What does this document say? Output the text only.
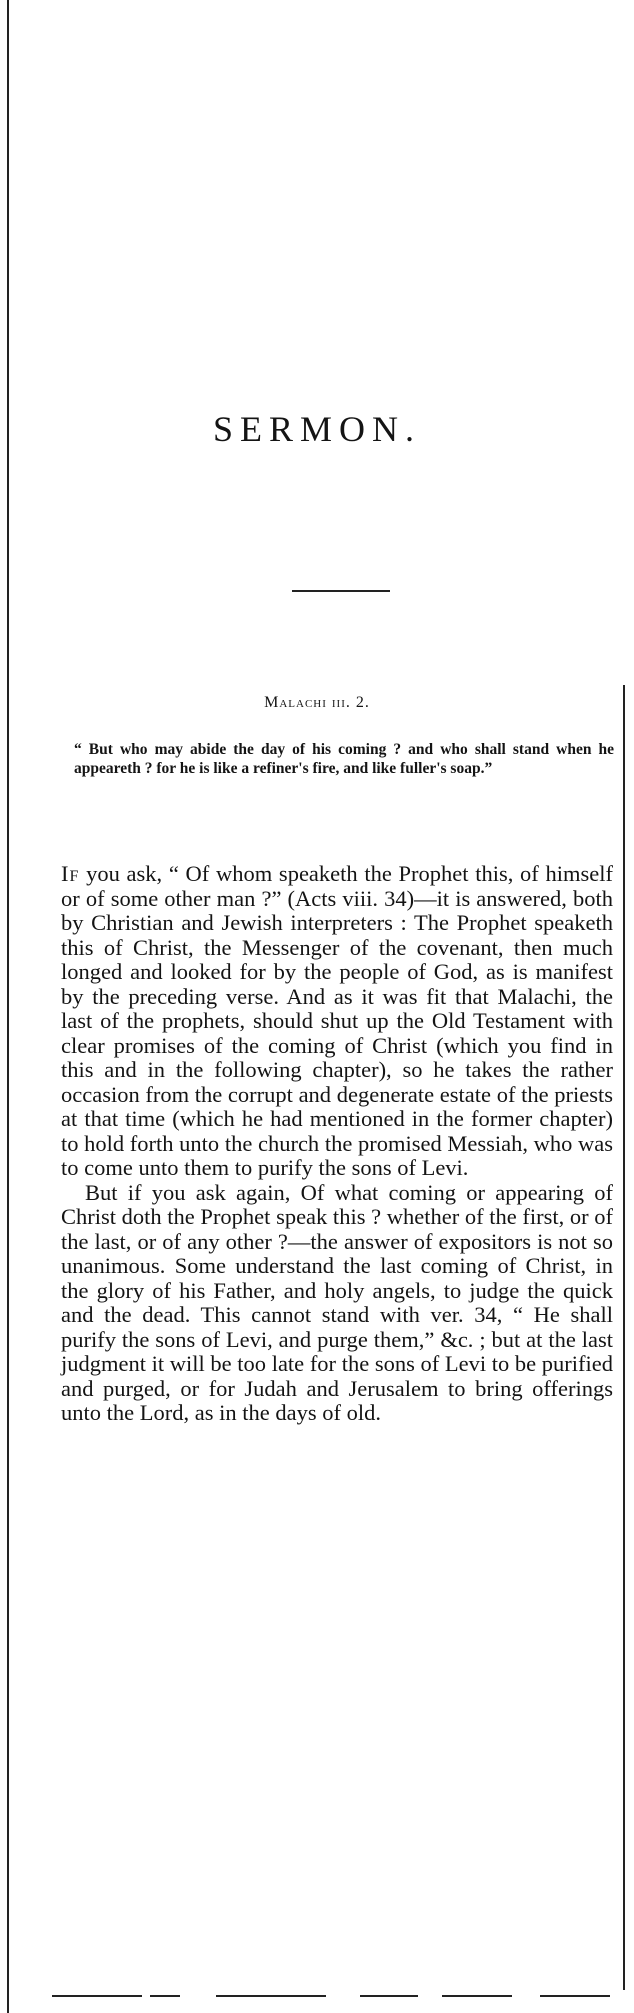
SERMON.
Malachi iii. 2.

“ But who may abide the day of his coming ? and who shall stand when he appeareth ? for he is like a refiner's fire, and like fuller's soap.”

If you ask, “ Of whom speaketh the Prophet this, of himself or of some other man ?” (Acts viii. 34)—it is answered, both by Christian and Jewish interpreters : The Prophet speaketh this of Christ, the Messenger of the covenant, then much longed and looked for by the people of God, as is manifest by the preceding verse. And as it was fit that Malachi, the last of the prophets, should shut up the Old Testament with clear promises of the coming of Christ (which you find in this and in the following chapter), so he takes the rather occasion from the corrupt and degenerate estate of the priests at that time (which he had mentioned in the former chapter) to hold forth unto the church the promised Messiah, who was to come unto them to purify the sons of Levi.

But if you ask again, Of what coming or appearing of Christ doth the Prophet speak this ? whether of the first, or of the last, or of any other ?—the answer of expositors is not so unanimous. Some understand the last coming of Christ, in the glory of his Father, and holy angels, to judge the quick and the dead. This cannot stand with ver. 34, “ He shall purify the sons of Levi, and purge them,” &c. ; but at the last judgment it will be too late for the sons of Levi to be purified and purged, or for Judah and Jerusalem to bring offerings unto the Lord, as in the days of old.
